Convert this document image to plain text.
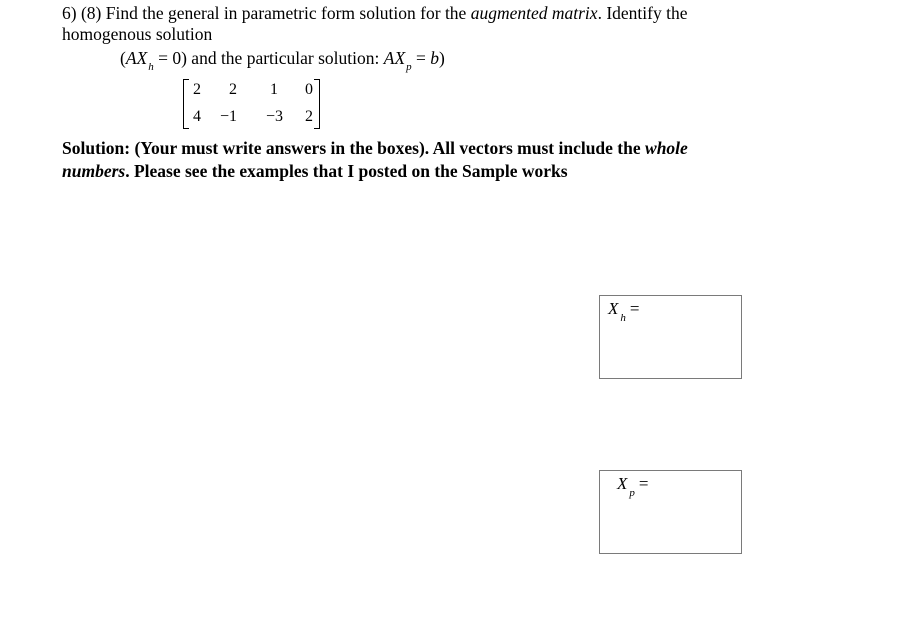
6) (8) Find the general in parametric form solution for the augmented matrix. Identify the
homogenous solution
$(AX_h = 0)$ and the particular solution: $AX_p = b$)
2	2	1	0
4	−1	−3	2
Solution: (Your must write answers in the boxes). All vectors must include the whole
numbers. Please see the examples that I posted on the Sample works
X $_h$ =
X $_p$ =
